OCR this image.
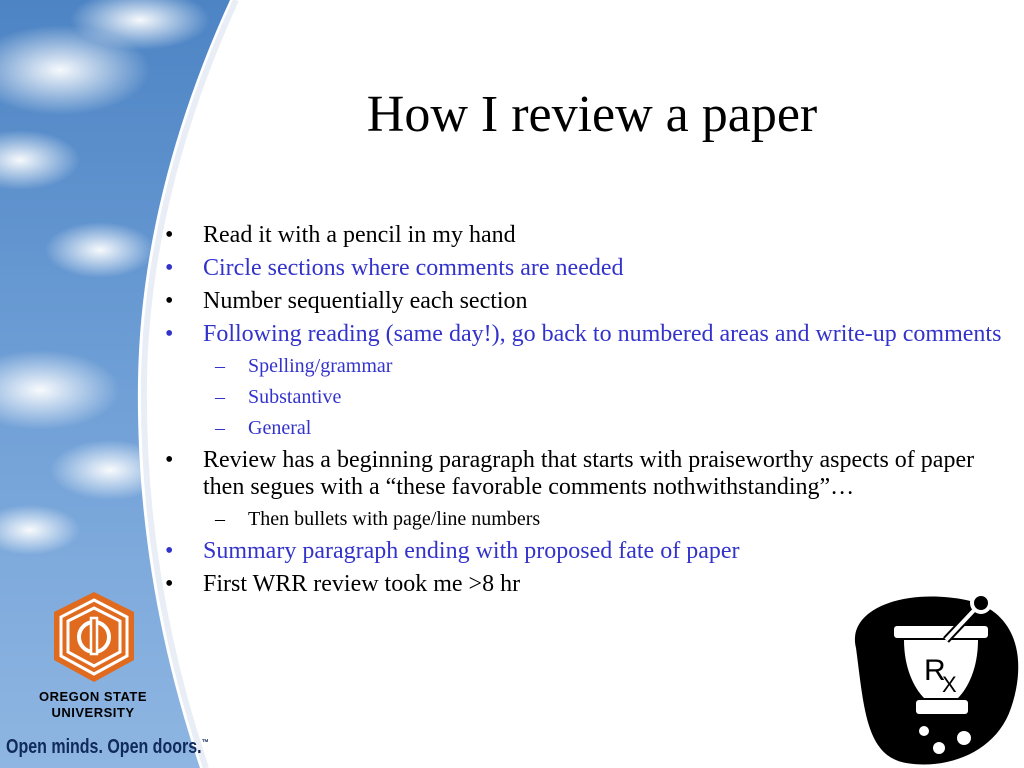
How I review a paper
• Read it with a pencil in my hand
• Circle sections where comments are needed
• Number sequentially each section
• Following reading (same day!), go back to numbered areas and write-up comments
– Spelling/grammar
– Substantive
– General
• Review has a beginning paragraph that starts with praiseworthy aspects of paper then segues with a “these favorable comments nothwithstanding”…
– Then bullets with page/line numbers
• Summary paragraph ending with proposed fate of paper
• First WRR review took me >8 hr
OREGON STATE
UNIVERSITY
Open minds. Open doors.™
R
X
